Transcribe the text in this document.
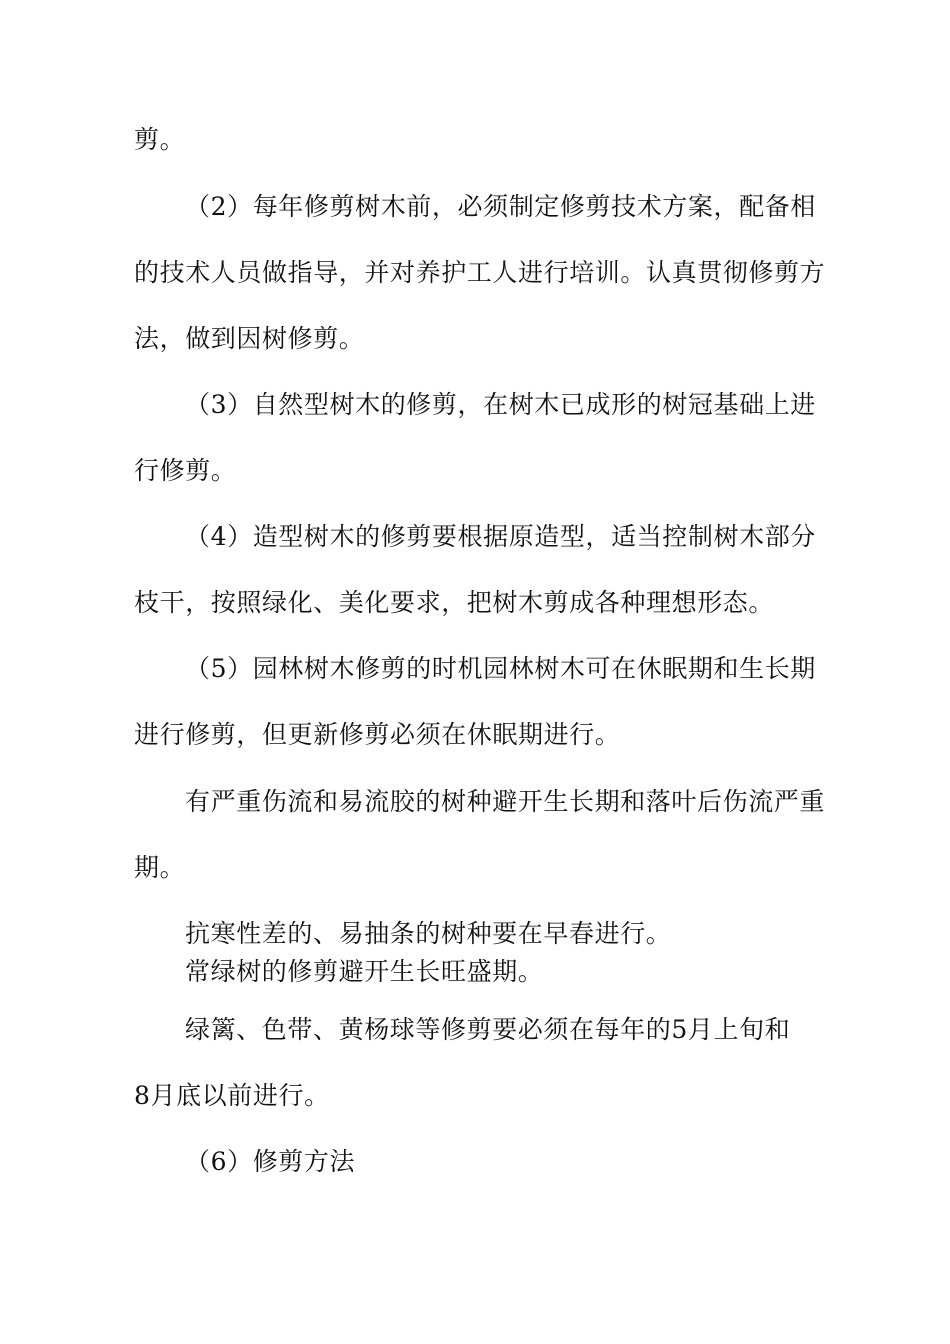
剪。
（2）每年修剪树木前，必须制定修剪技术方案，配备相
的技术人员做指导，并对养护工人进行培训。认真贯彻修剪方
法，做到因树修剪。
（3）自然型树木的修剪，在树木已成形的树冠基础上进
行修剪。
（4）造型树木的修剪要根据原造型，适当控制树木部分
枝干，按照绿化、美化要求，把树木剪成各种理想形态。
（5）园林树木修剪的时机园林树木可在休眠期和生长期
进行修剪，但更新修剪必须在休眠期进行。
有严重伤流和易流胶的树种避开生长期和落叶后伤流严重
期。
抗寒性差的、易抽条的树种要在早春进行。
常绿树的修剪避开生长旺盛期。
绿篱、色带、黄杨球等修剪要必须在每年的5月上旬和
8月底以前进行。
（6）修剪方法
